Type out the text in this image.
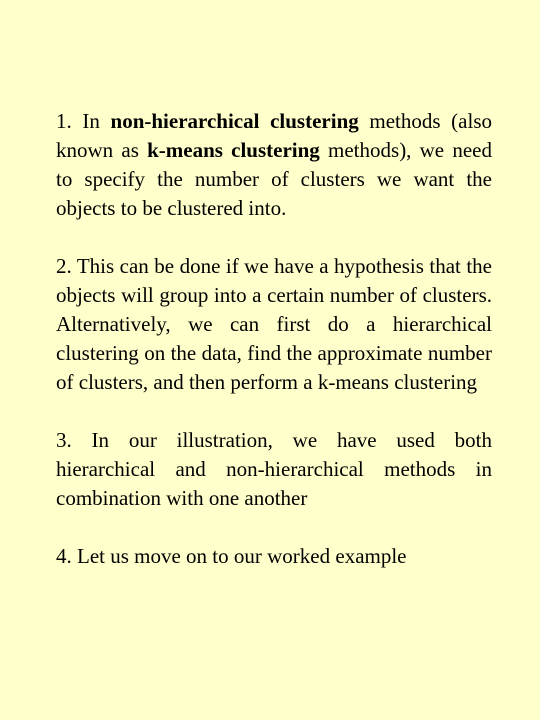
1. In non-hierarchical clustering methods (also known as k-means clustering methods), we need to specify the number of clusters we want the objects to be clustered into.

2. This can be done if we have a hypothesis that the objects will group into a certain number of clusters. Alternatively, we can first do a hierarchical clustering on the data, find the approximate number of clusters, and then perform a k-means clustering

3. In our illustration, we have used both hierarchical and non-hierarchical methods in combination with one another

4. Let us move on to our worked example
